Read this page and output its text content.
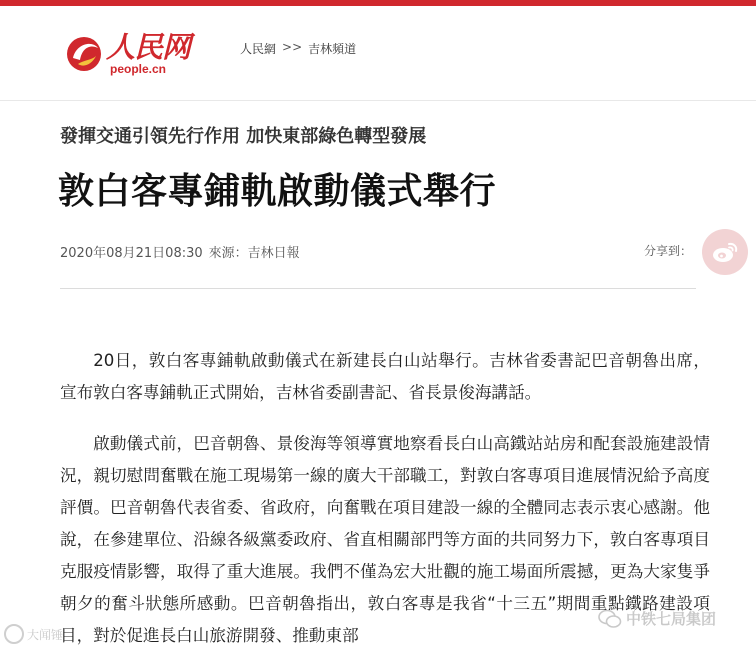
人民网
people.cn
人民網 >> 吉林頻道
發揮交通引領先行作用 加快東部綠色轉型發展
敦白客專鋪軌啟動儀式舉行
2020年08月21日08:30 來源：吉林日報	分享到：

20日，敦白客專鋪軌啟動儀式在新建長白山站舉行。吉林省委書記巴音朝魯出席，宣布敦白客專鋪軌正式開始，吉林省委副書記、省長景俊海講話。

啟動儀式前，巴音朝魯、景俊海等領導實地察看長白山高鐵站站房和配套設施建設情況，親切慰問奮戰在施工現場第一線的廣大干部職工，對敦白客專項目進展情況給予高度評價。巴音朝魯代表省委、省政府，向奮戰在項目建設一線的全體同志表示衷心感謝。他說，在參建單位、沿線各級黨委政府、省直相關部門等方面的共同努力下，敦白客專項目克服疫情影響，取得了重大進展。我們不僅為宏大壯觀的施工場面所震撼，更為大家隻爭朝夕的奮斗狀態所感動。巴音朝魯指出，敦白客專是我省“十三五”期間重點鐵路建設項目，對於促進長白山旅游開發、推動東部

中铁七局集团
大闻锤
